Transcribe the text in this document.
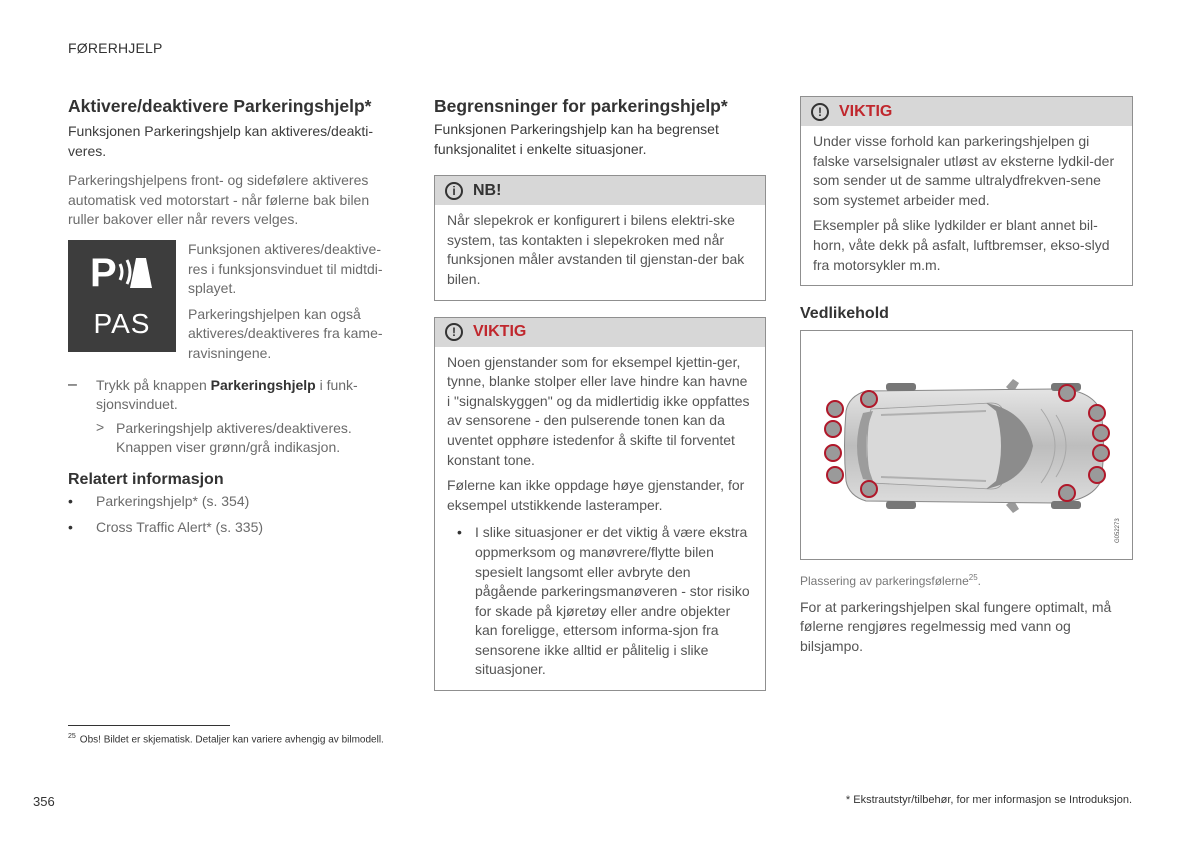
FØRERHJELP
Aktivere/deaktivere Parkeringshjelp*

Funksjonen Parkeringshjelp kan aktiveres/deakti-veres.

Parkeringshjelpens front- og sidefølere aktiveres automatisk ved motorstart - når følerne bak bilen ruller bakover eller når revers velges.

P
PAS

Funksjonen aktiveres/deaktive-res i funksjonsvinduet til midtdi-splayet.

Parkeringshjelpen kan også aktiveres/deaktiveres fra kame-ravisningene.

–	Trykk på knappen Parkeringshjelp i funk-sjonsvinduet.

> Parkeringshjelp aktiveres/deaktiveres. Knappen viser grønn/grå indikasjon.

Relatert informasjon
•	Parkeringshjelp* (s. 354)

•	Cross Traffic Alert* (s. 335)

Begrensninger for parkeringshjelp*

Funksjonen Parkeringshjelp kan ha begrenset funksjonalitet i enkelte situasjoner.

i	NB!

Når slepekrok er konfigurert i bilens elektri-ske system, tas kontakten i slepekroken med når funksjonen måler avstanden til gjenstan-der bak bilen.

!	VIKTIG

Noen gjenstander som for eksempel kjettin-ger, tynne, blanke stolper eller lave hindre kan havne i "signalskyggen" og da midlertidig ikke oppfattes av sensorene - den pulserende tonen kan da uventet opphøre istedenfor å skifte til forventet konstant tone.

Følerne kan ikke oppdage høye gjenstander, for eksempel utstikkende lasteramper.

• I slike situasjoner er det viktig å være ekstra oppmerksom og manøvrere/flytte bilen spesielt langsomt eller avbryte den pågående parkeringsmanøveren - stor risiko for skade på kjøretøy eller andre objekter kan foreligge, ettersom informa-sjon fra sensorene ikke alltid er pålitelig i slike situasjoner.

!	VIKTIG

Under visse forhold kan parkeringshjelpen gi falske varselsignaler utløst av eksterne lydkil-der som sender ut de samme ultralydfrekven-sene som systemet arbeider med.

Eksempler på slike lydkilder er blant annet bil-horn, våte dekk på asfalt, luftbremser, ekso-slyd fra motorsykler m.m.

Vedlikehold
G052273

Plassering av parkeringsfølerne$^{25}$.

For at parkeringshjelpen skal fungere optimalt, må følerne rengjøres regelmessig med vann og bilsjampo.

$^{25}$ Obs! Bildet er skjematisk. Detaljer kan variere avhengig av bilmodell.
356	* Ekstrautstyr/tilbehør, for mer informasjon se Introduksjon.
